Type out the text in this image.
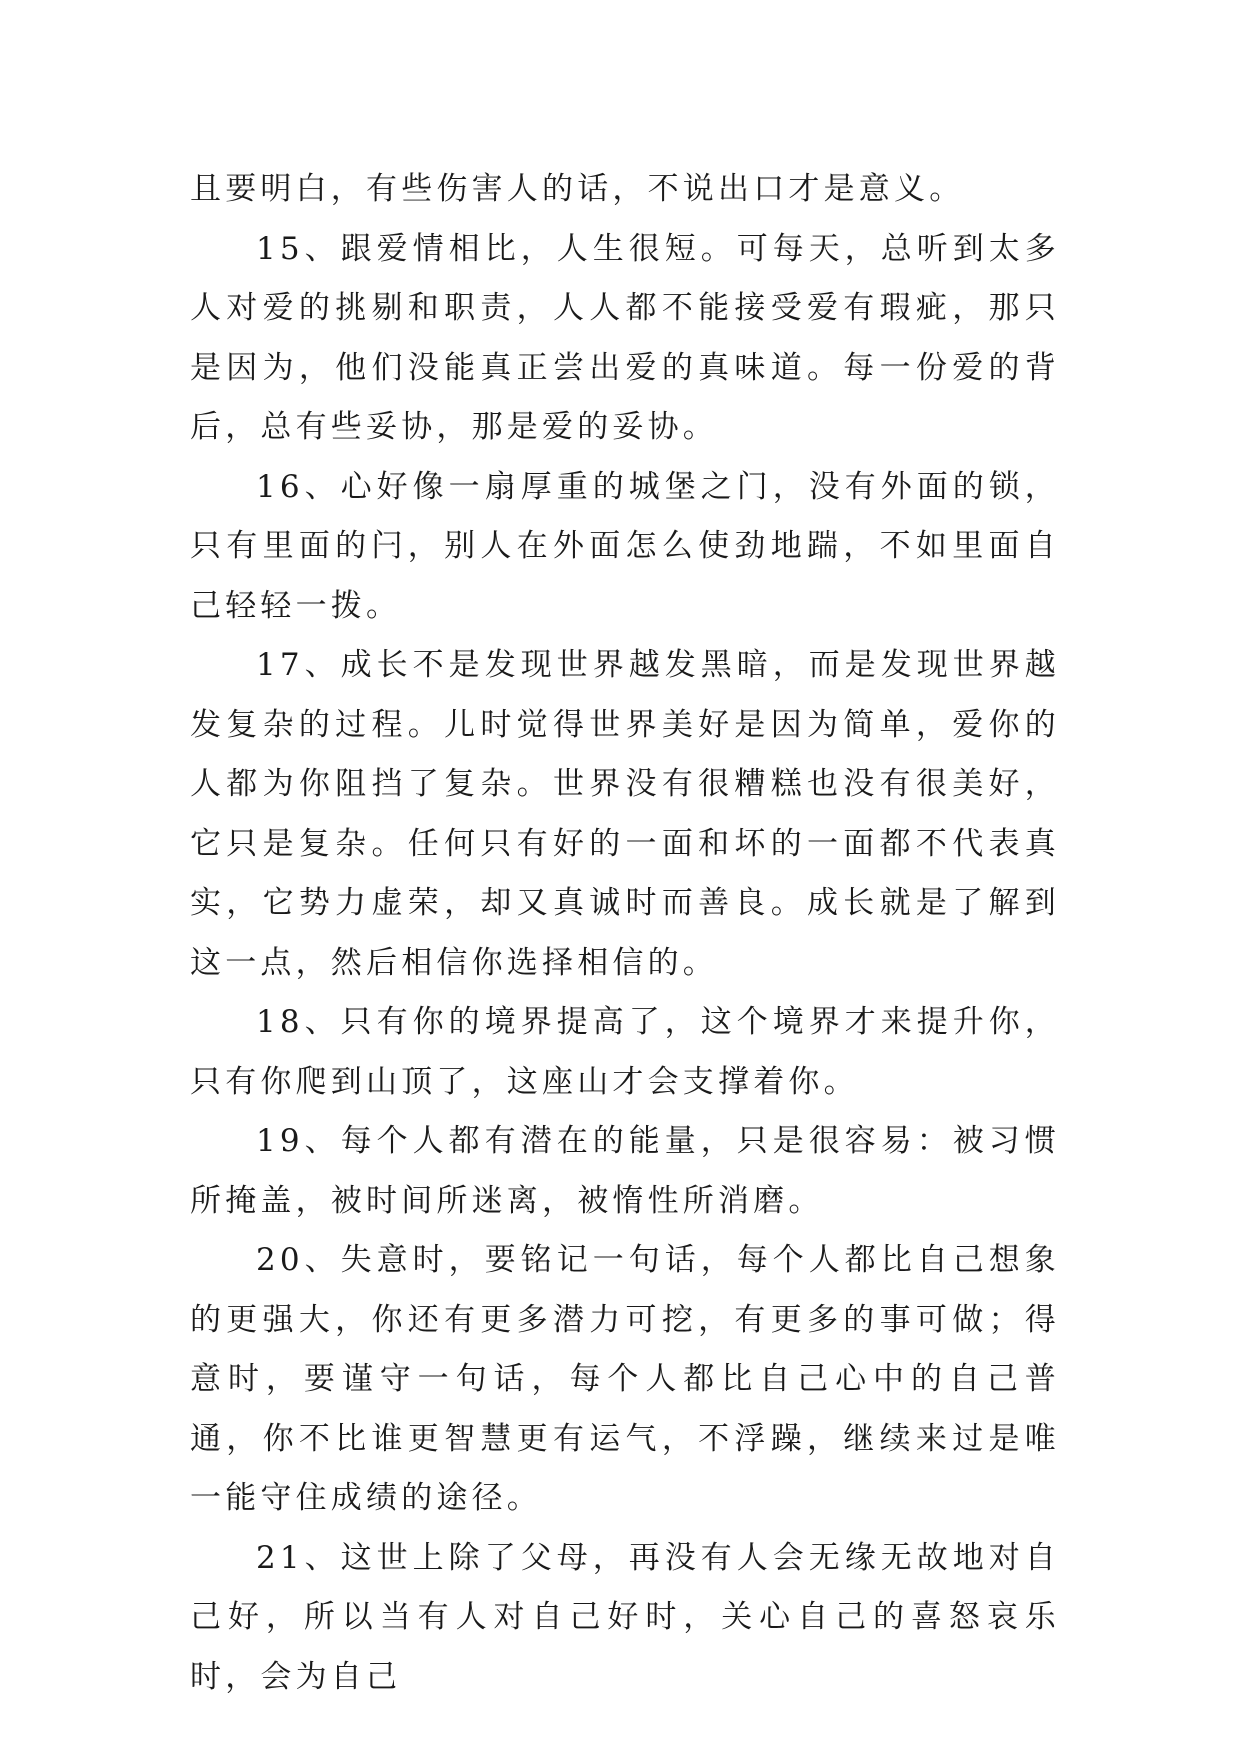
且要明白，有些伤害人的话，不说出口才是意义。

15、跟爱情相比，人生很短。可每天，总听到太多人对爱的挑剔和职责，人人都不能接受爱有瑕疵，那只是因为，他们没能真正尝出爱的真味道。每一份爱的背后，总有些妥协，那是爱的妥协。

16、心好像一扇厚重的城堡之门，没有外面的锁，只有里面的闩，别人在外面怎么使劲地踹，不如里面自己轻轻一拨。

17、成长不是发现世界越发黑暗，而是发现世界越发复杂的过程。儿时觉得世界美好是因为简单，爱你的人都为你阻挡了复杂。世界没有很糟糕也没有很美好，它只是复杂。任何只有好的一面和坏的一面都不代表真实，它势力虚荣，却又真诚时而善良。成长就是了解到这一点，然后相信你选择相信的。

18、只有你的境界提高了，这个境界才来提升你，只有你爬到山顶了，这座山才会支撑着你。

19、每个人都有潜在的能量，只是很容易：被习惯所掩盖，被时间所迷离，被惰性所消磨。

20、失意时，要铭记一句话，每个人都比自己想象的更强大，你还有更多潜力可挖，有更多的事可做；得意时，要谨守一句话，每个人都比自己心中的自己普通，你不比谁更智慧更有运气，不浮躁，继续来过是唯一能守住成绩的途径。

21、这世上除了父母，再没有人会无缘无故地对自己好，所以当有人对自己好时，关心自己的喜怒哀乐时，会为自己
